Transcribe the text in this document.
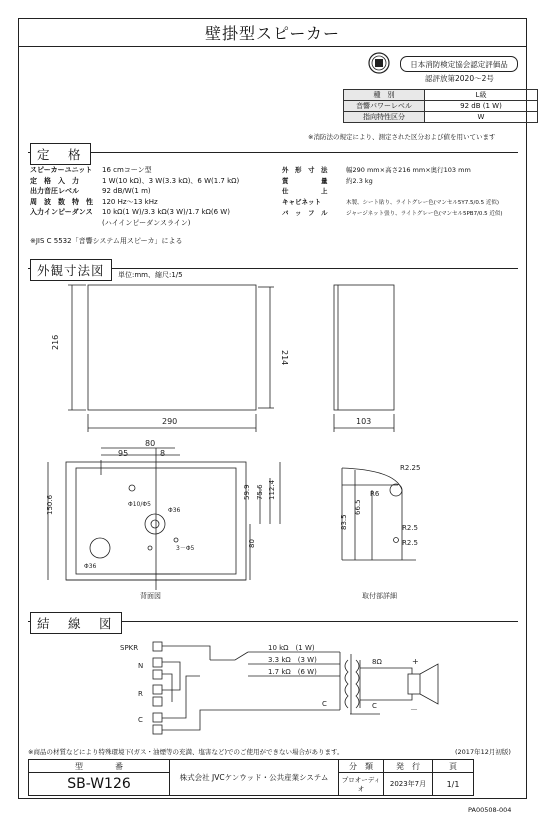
壁掛型スピーカー
日本消防検定協会認定評価品
認評放第2020～2号
種　別	L級
音響パワーレベル	92 dB (1 W)
指向特性区分	W
※消防法の規定により、測定された区分および値を用いています
定　格
スピーカーユニット 16 cmコーン型
定　格　入　力	1 W(10 kΩ)、3 W(3.3 kΩ)、6 W(1.7 kΩ)
出力音圧レベル	92 dB/W(1 m)
周　波　数　特　性 120 Hz～13 kHz
入力インピーダンス 10 kΩ(1 W)/3.3 kΩ(3 W)/1.7 kΩ(6 W)
(ハイインピーダンスライン)
外　形　寸　法	幅290 mm×高さ216 mm×奥行103 mm
質　　　　　量	約2.3 kg
仕　　　　　上
キャビネット	木製、シート貼り、ライトグレー色(マンセル5Y7.5/0.5 近似)
バ　ッ　フ　ル	ジャージネット張り、ライトグレー色(マンセル5PB7/0.5 近似)
※JIS C 5532「音響システム用スピーカ」による
外観寸法図	単位:mm、縮尺:1/5
216
214
290	103
80
95	8
59.9 75.6 112.4
80
150.6	Φ10/Φ5
Φ36
Φ36
3－Φ5
背面図
R2.25
R6
66.5
83.5	R2.5
R2.5
取付部詳細
SPKR
N
R
C
10 kΩ　(1 W)
3.3 kΩ　(3 W)
1.7 kΩ　(6 W)
C	C
8Ω	+
－
結　線　図
※商品の材質などにより特殊環境下(ガス・油煙等の充満、塩害など)でのご使用ができない場合があります。	(2017年12月初版)
型　　　　番	株式会社 JVCケンウッド・公共産業システム	分　類	発　行	頁
SB-W126		プロオーディオ	2023年7月	1/1
PA00508-004
